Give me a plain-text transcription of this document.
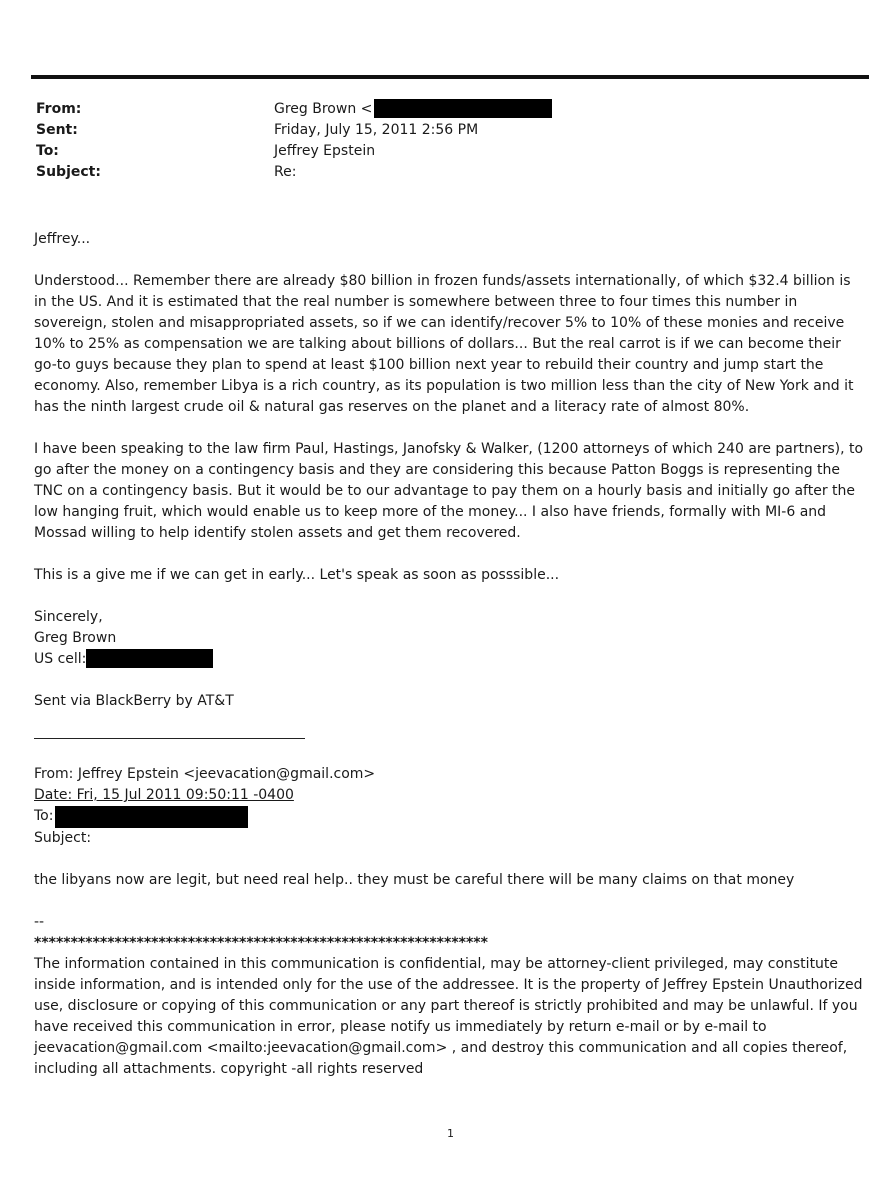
From:	Greg Brown <
Sent:	Friday, July 15, 2011 2:56 PM
To:	Jeffrey Epstein
Subject:	Re:

Jeffrey...

Understood... Remember there are already $80 billion in frozen funds/assets internationally, of which $32.4 billion is in the US. And it is estimated that the real number is somewhere between three to four times this number in sovereign, stolen and misappropriated assets, so if we can identify/recover 5% to 10% of these monies and receive 10% to 25% as compensation we are talking about billions of dollars... But the real carrot is if we can become their go-to guys because they plan to spend at least $100 billion next year to rebuild their country and jump start the economy. Also, remember Libya is a rich country, as its population is two million less than the city of New York and it has the ninth largest crude oil & natural gas reserves on the planet and a literacy rate of almost 80%.

I have been speaking to the law firm Paul, Hastings, Janofsky & Walker, (1200 attorneys of which 240 are partners), to go after the money on a contingency basis and they are considering this because Patton Boggs is representing the TNC on a contingency basis. But it would be to our advantage to pay them on a hourly basis and initially go after the low hanging fruit, which would enable us to keep more of the money... I also have friends, formally with MI-6 and Mossad willing to help identify stolen assets and get them recovered.

This is a give me if we can get in early... Let's speak as soon as posssible...

Sincerely,

Greg Brown

US cell:

Sent via BlackBerry by AT&T

From: Jeffrey Epstein <jeevacation@gmail.com>

Date: Fri, 15 Jul 2011 09:50:11 -0400

To:

Subject:

the libyans now are legit, but need real help.. they must be careful there will be many claims on that money

--

**************************************************************

The information contained in this communication is confidential, may be attorney-client privileged, may constitute inside information, and is intended only for the use of the addressee. It is the property of Jeffrey Epstein Unauthorized use, disclosure or copying of this communication or any part thereof is strictly prohibited and may be unlawful. If you have received this communication in error, please notify us immediately by return e-mail or by e-mail to jeevacation@gmail.com <mailto:jeevacation@gmail.com> , and destroy this communication and all copies thereof, including all attachments. copyright -all rights reserved

1
